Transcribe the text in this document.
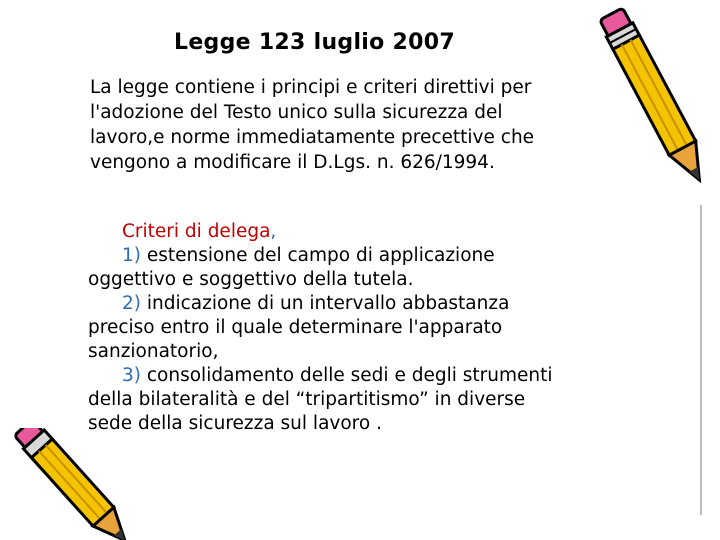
Legge 123 luglio 2007
La legge contiene i principi e criteri direttivi per
l'adozione del Testo unico sulla sicurezza del
lavoro,e norme immediatamente precettive che
vengono a modificare il D.Lgs. n. 626/1994.
Criteri di delega,
1) estensione del campo di applicazione
oggettivo e soggettivo della tutela.
2) indicazione di un intervallo abbastanza
preciso entro il quale determinare l'apparato
sanzionatorio,
3) consolidamento delle sedi e degli strumenti
della bilateralità e del “tripartitismo” in diverse
sede della sicurezza sul lavoro .
